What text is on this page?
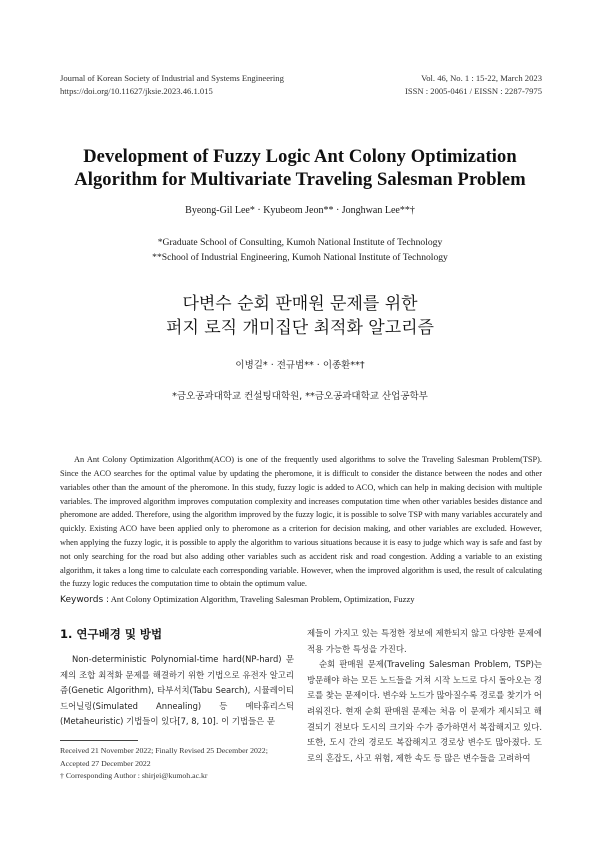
Journal of Korean Society of Industrial and Systems Engineering
https://doi.org/10.11627/jksie.2023.46.1.015
Vol. 46, No. 1 : 15-22, March 2023
ISSN : 2005-0461 / EISSN : 2287-7975
Development of Fuzzy Logic Ant Colony Optimization
Algorithm for Multivariate Traveling Salesman Problem
Byeong-Gil Lee* · Kyubeom Jeon** · Jonghwan Lee**†
*Graduate School of Consulting, Kumoh National Institute of Technology
**School of Industrial Engineering, Kumoh National Institute of Technology
다변수 순회 판매원 문제를 위한
퍼지 로직 개미집단 최적화 알고리즘
이병길* · 전규범** · 이종환**†
*금오공과대학교 컨설팅대학원, **금오공과대학교 산업공학부

An Ant Colony Optimization Algorithm(ACO) is one of the frequently used algorithms to solve the Traveling Salesman Problem(TSP). Since the ACO searches for the optimal value by updating the pheromone, it is difficult to consider the distance between the nodes and other variables other than the amount of the pheromone. In this study, fuzzy logic is added to ACO, which can help in making decision with multiple variables. The improved algorithm improves computation complexity and increases computation time when other variables besides distance and pheromone are added. Therefore, using the algorithm improved by the fuzzy logic, it is possible to solve TSP with many variables accurately and quickly. Existing ACO have been applied only to pheromone as a criterion for decision making, and other variables are excluded. However, when applying the fuzzy logic, it is possible to apply the algorithm to various situations because it is easy to judge which way is safe and fast by not only searching for the road but also adding other variables such as accident risk and road congestion. Adding a variable to an existing algorithm, it takes a long time to calculate each corresponding variable. However, when the improved algorithm is used, the result of calculating the fuzzy logic reduces the computation time to obtain the optimum value.

Keywords : Ant Colony Optimization Algorithm, Traveling Salesman Problem, Optimization, Fuzzy
1. 연구배경 및 방법

Non-deterministic Polynomial-time hard(NP-hard) 문제의 조합 최적화 문제를 해결하기 위한 기법으로 유전자 알고리즘(Genetic Algorithm), 타부서치(Tabu Search), 시뮬레이티드어닐링(Simulated Annealing) 등 메타휴리스틱(Metaheuristic) 기법들이 있다[7, 8, 10]. 이 기법들은 문

제들이 가지고 있는 특정한 정보에 제한되지 않고 다양한 문제에 적용 가능한 특성을 가진다.

순회 판매원 문제(Traveling Salesman Problem, TSP)는 방문해야 하는 모든 노드들을 거쳐 시작 노드로 다시 돌아오는 경로를 찾는 문제이다. 변수와 노드가 많아질수록 경로를 찾기가 어려워진다. 현재 순회 판매원 문제는 처음 이 문제가 제시되고 해결되기 전보다 도시의 크기와 수가 증가하면서 복잡해지고 있다. 또한, 도시 간의 경로도 복잡해지고 경로상 변수도 많아졌다. 도로의 혼잡도, 사고 위험, 제한 속도 등 많은 변수들을 고려하여

Received 21 November 2022; Finally Revised 25 December 2022;
Accepted 27 December 2022
† Corresponding Author : shirjei@kumoh.ac.kr
